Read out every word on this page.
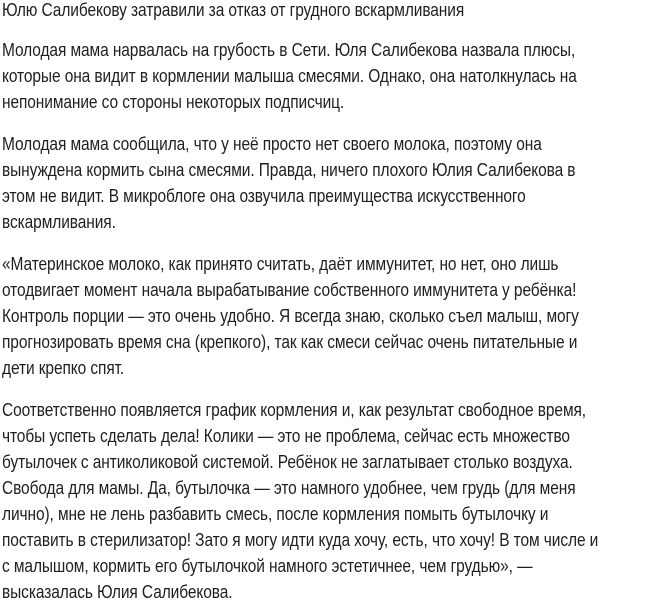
Юлю Салибекову затравили за отказ от грудного вскармливания
Молодая мама нарвалась на грубость в Сети. Юля Салибекова назвала плюсы,
которые она видит в кормлении малыша смесями. Однако, она натолкнулась на
непонимание со стороны некоторых подписчиц.
Молодая мама сообщила, что у неё просто нет своего молока, поэтому она
вынуждена кормить сына смесями. Правда, ничего плохого Юлия Салибекова в
этом не видит. В микроблоге она озвучила преимущества искусственного
вскармливания.
«Материнское молоко, как принято считать, даёт иммунитет, но нет, оно лишь
отодвигает момент начала вырабатывание собственного иммунитета у ребёнка!
Контроль порции — это очень удобно. Я всегда знаю, сколько съел малыш, могу
прогнозировать время сна (крепкого), так как смеси сейчас очень питательные и
дети крепко спят.
Соответственно появляется график кормления и, как результат свободное время,
чтобы успеть сделать дела! Колики — это не проблема, сейчас есть множество
бутылочек с антиколиковой системой. Ребёнок не заглатывает столько воздуха.
Свобода для мамы. Да, бутылочка — это намного удобнее, чем грудь (для меня
лично), мне не лень разбавить смесь, после кормления помыть бутылочку и
поставить в стерилизатор! Зато я могу идти куда хочу, есть, что хочу! В том числе и
с малышом, кормить его бутылочкой намного эстетичнее, чем грудью», —
высказалась Юлия Салибекова.
